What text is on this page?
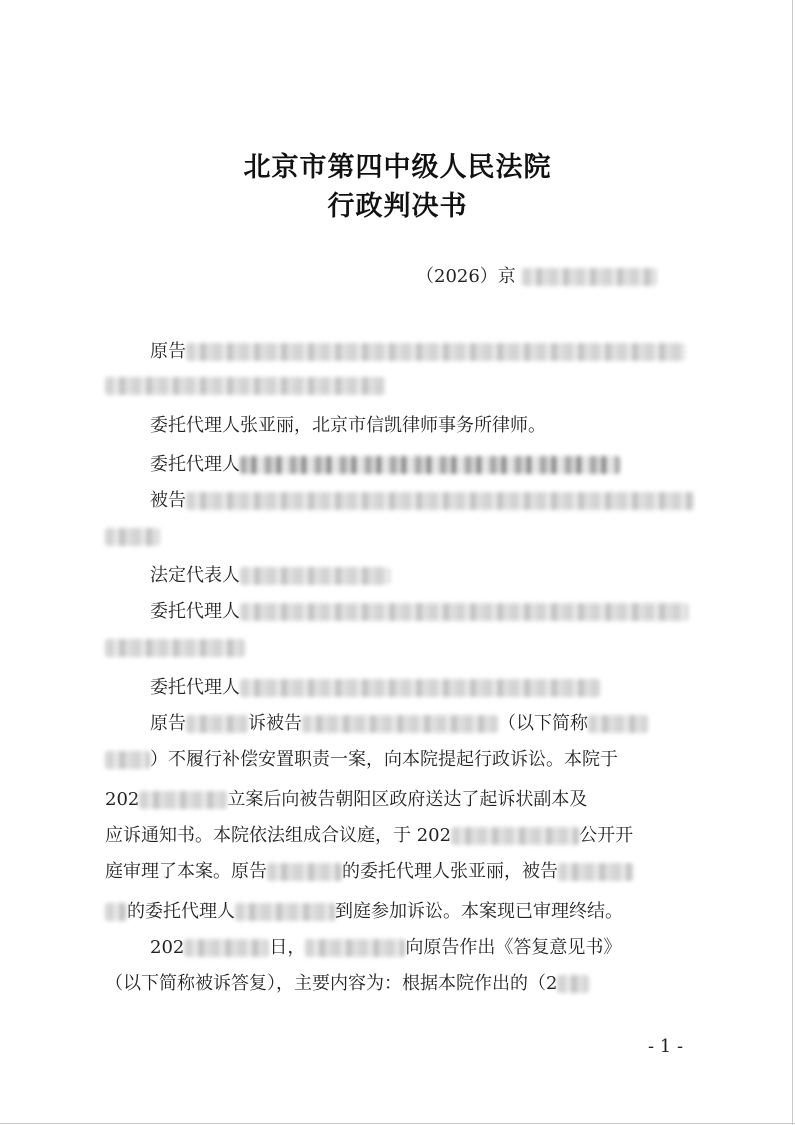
北京市第四中级人民法院
行政判决书
（2026）京
原告
委托代理人张亚丽，北京市信凯律师事务所律师。
委托代理人
被告
法定代表人
委托代理人
委托代理人
原告	诉被告	（以下简称
）不履行补偿安置职责一案，向本院提起行政诉讼。本院于
202	立案后向被告朝阳区政府送达了起诉状副本及
应诉通知书。本院依法组成合议庭，于 202	公开开
庭审理了本案。原告	的委托代理人张亚丽，被告
的委托代理人	到庭参加诉讼。本案现已审理终结。
202	日，	向原告作出《答复意见书》
（以下简称被诉答复），主要内容为：根据本院作出的（2
- 1 -
